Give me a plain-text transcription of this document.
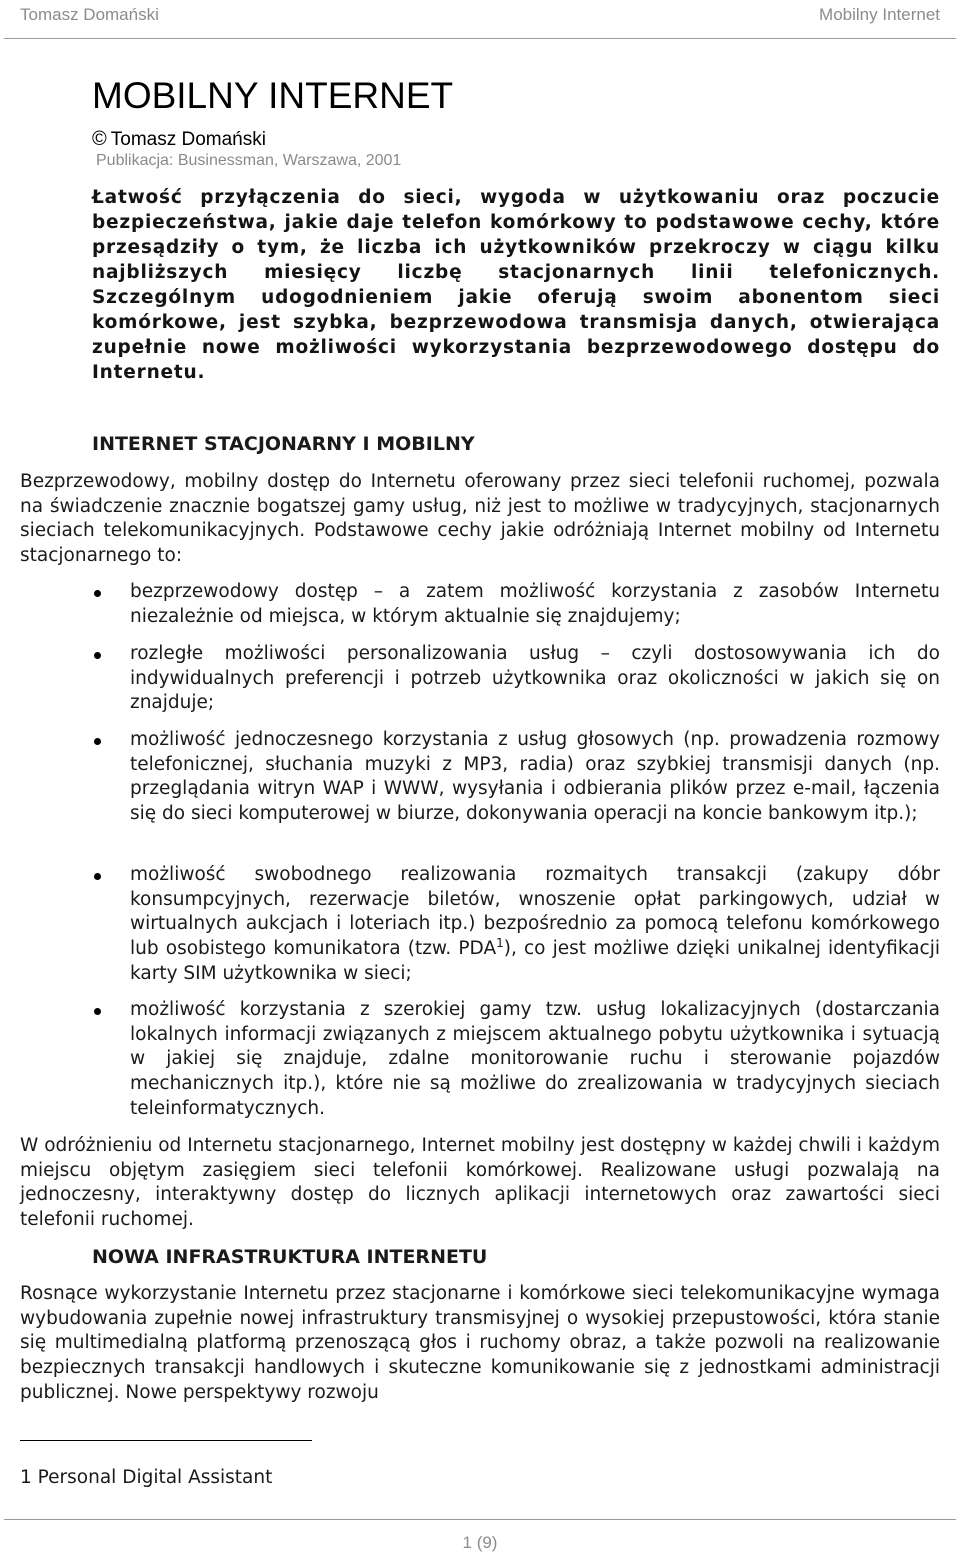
Tomasz Domański	Mobilny Internet
MOBILNY INTERNET
© Tomasz Domański
Publikacja: Businessman, Warszawa, 2001

Łatwość przyłączenia do sieci, wygoda w użytkowaniu oraz poczucie bezpieczeństwa, jakie daje telefon komórkowy to podstawowe cechy, które przesądziły o tym, że liczba ich użytkowników przekroczy w ciągu kilku najbliższych miesięcy liczbę stacjonarnych linii telefonicznych. Szczególnym udogodnieniem jakie oferują swoim abonentom sieci komórkowe, jest szybka, bezprzewodowa transmisja danych, otwierająca zupełnie nowe możliwości wykorzystania bezprzewodowego dostępu do Internetu.

INTERNET STACJONARNY I MOBILNY

Bezprzewodowy, mobilny dostęp do Internetu oferowany przez sieci telefonii ruchomej, pozwala na świadczenie znacznie bogatszej gamy usług, niż jest to możliwe w tradycyjnych, stacjonarnych sieciach telekomunikacyjnych. Podstawowe cechy jakie odróżniają Internet mobilny od Internetu stacjonarnego to:

bezprzewodowy dostęp – a zatem możliwość korzystania z zasobów Internetu niezależnie od miejsca, w którym aktualnie się znajdujemy;
rozległe możliwości personalizowania usług – czyli dostosowywania ich do indywidualnych preferencji i potrzeb użytkownika oraz okoliczności w jakich się on znajduje;
możliwość jednoczesnego korzystania z usług głosowych (np. prowadzenia rozmowy telefonicznej, słuchania muzyki z MP3, radia) oraz szybkiej transmisji danych (np. przeglądania witryn WAP i WWW, wysyłania i odbierania plików przez e-mail, łączenia się do sieci komputerowej w biurze, dokonywania operacji na koncie bankowym itp.);
możliwość swobodnego realizowania rozmaitych transakcji (zakupy dóbr konsumpcyjnych, rezerwacje biletów, wnoszenie opłat parkingowych, udział w wirtualnych aukcjach i loteriach itp.) bezpośrednio za pomocą telefonu komórkowego lub osobistego komunikatora (tzw. PDA$^1$), co jest możliwe dzięki unikalnej identyfikacji karty SIM użytkownika w sieci;
możliwość korzystania z szerokiej gamy tzw. usług lokalizacyjnych (dostarczania lokalnych informacji związanych z miejscem aktualnego pobytu użytkownika i sytuacją w jakiej się znajduje, zdalne monitorowanie ruchu i sterowanie pojazdów mechanicznych itp.), które nie są możliwe do zrealizowania w tradycyjnych sieciach teleinformatycznych.

W odróżnieniu od Internetu stacjonarnego, Internet mobilny jest dostępny w każdej chwili i każdym miejscu objętym zasięgiem sieci telefonii komórkowej. Realizowane usługi pozwalają na jednoczesny, interaktywny dostęp do licznych aplikacji internetowych oraz zawartości sieci telefonii ruchomej.

NOWA INFRASTRUKTURA INTERNETU

Rosnące wykorzystanie Internetu przez stacjonarne i komórkowe sieci telekomunikacyjne wymaga wybudowania zupełnie nowej infrastruktury transmisyjnej o wysokiej przepustowości, która stanie się multimedialną platformą przenoszącą głos i ruchomy obraz, a także pozwoli na realizowanie bezpiecznych transakcji handlowych i skuteczne komunikowanie się z jednostkami administracji publicznej. Nowe perspektywy rozwoju

1 Personal Digital Assistant
1 (9)
